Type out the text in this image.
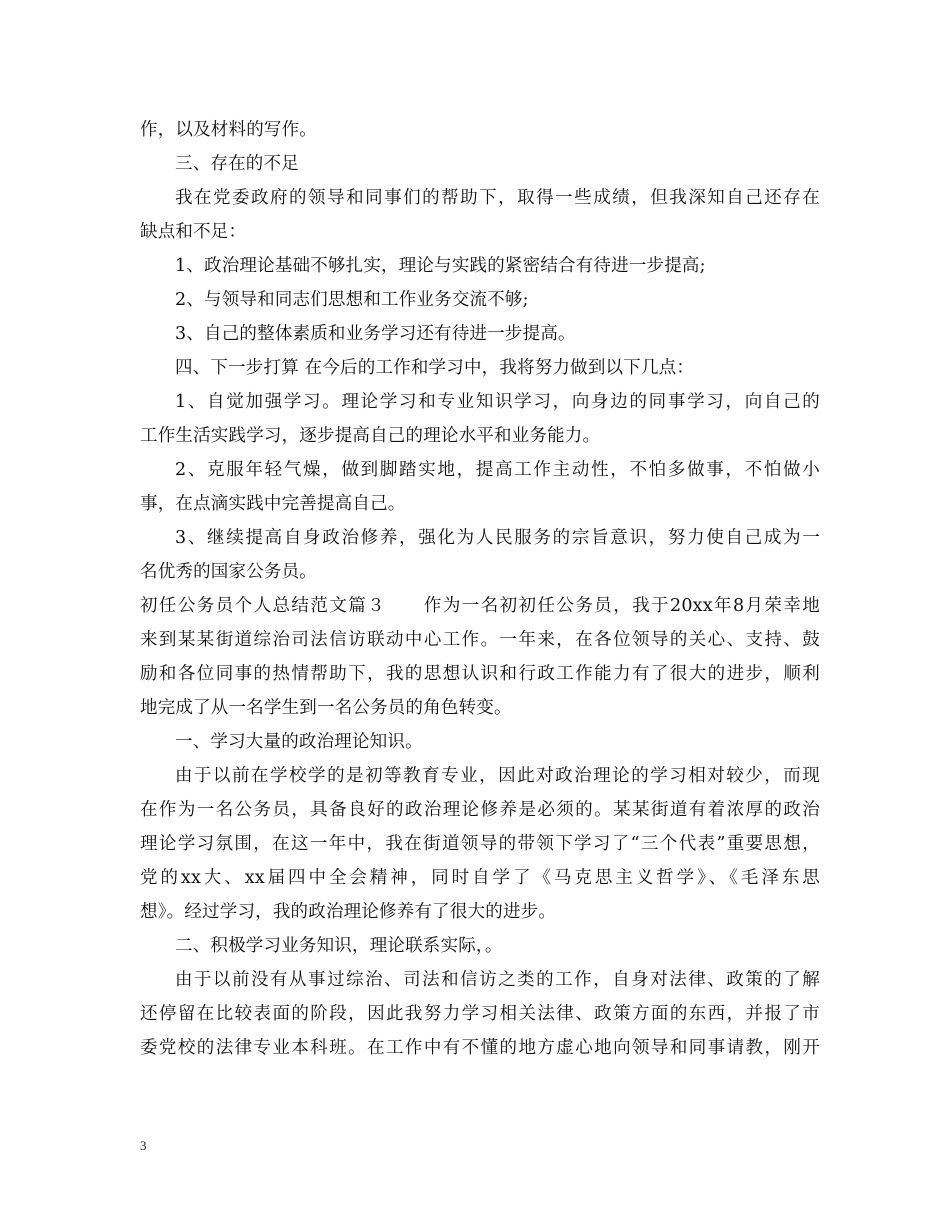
作，以及材料的写作。
三、存在的不足
我在党委政府的领导和同事们的帮助下，取得一些成绩，但我深知自己还存在
缺点和不足：
1、政治理论基础不够扎实，理论与实践的紧密结合有待进一步提高;
2、与领导和同志们思想和工作业务交流不够;
3、自己的整体素质和业务学习还有待进一步提高。
四、下一步打算 在今后的工作和学习中，我将努力做到以下几点：
1、自觉加强学习。理论学习和专业知识学习，向身边的同事学习，向自己的
工作生活实践学习，逐步提高自己的理论水平和业务能力。
2、克服年轻气燥，做到脚踏实地，提高工作主动性，不怕多做事，不怕做小
事，在点滴实践中完善提高自己。
3、继续提高自身政治修养，强化为人民服务的宗旨意识，努力使自己成为一
名优秀的国家公务员。
初任公务员个人总结范文篇３　　作为一名初初任公务员，我于20xx年8月荣幸地
来到某某街道综治司法信访联动中心工作。一年来，在各位领导的关心、支持、鼓
励和各位同事的热情帮助下，我的思想认识和行政工作能力有了很大的进步，顺利
地完成了从一名学生到一名公务员的角色转变。
一、学习大量的政治理论知识。
由于以前在学校学的是初等教育专业，因此对政治理论的学习相对较少，而现
在作为一名公务员，具备良好的政治理论修养是必须的。某某街道有着浓厚的政治
理论学习氛围，在这一年中，我在街道领导的带领下学习了“三个代表”重要思想，
党的xx大、xx届四中全会精神，同时自学了《马克思主义哲学》、《毛泽东思
想》。经过学习，我的政治理论修养有了很大的进步。
二、积极学习业务知识，理论联系实际，。
由于以前没有从事过综治、司法和信访之类的工作，自身对法律、政策的了解
还停留在比较表面的阶段，因此我努力学习相关法律、政策方面的东西，并报了市
委党校的法律专业本科班。在工作中有不懂的地方虚心地向领导和同事请教，刚开
3
